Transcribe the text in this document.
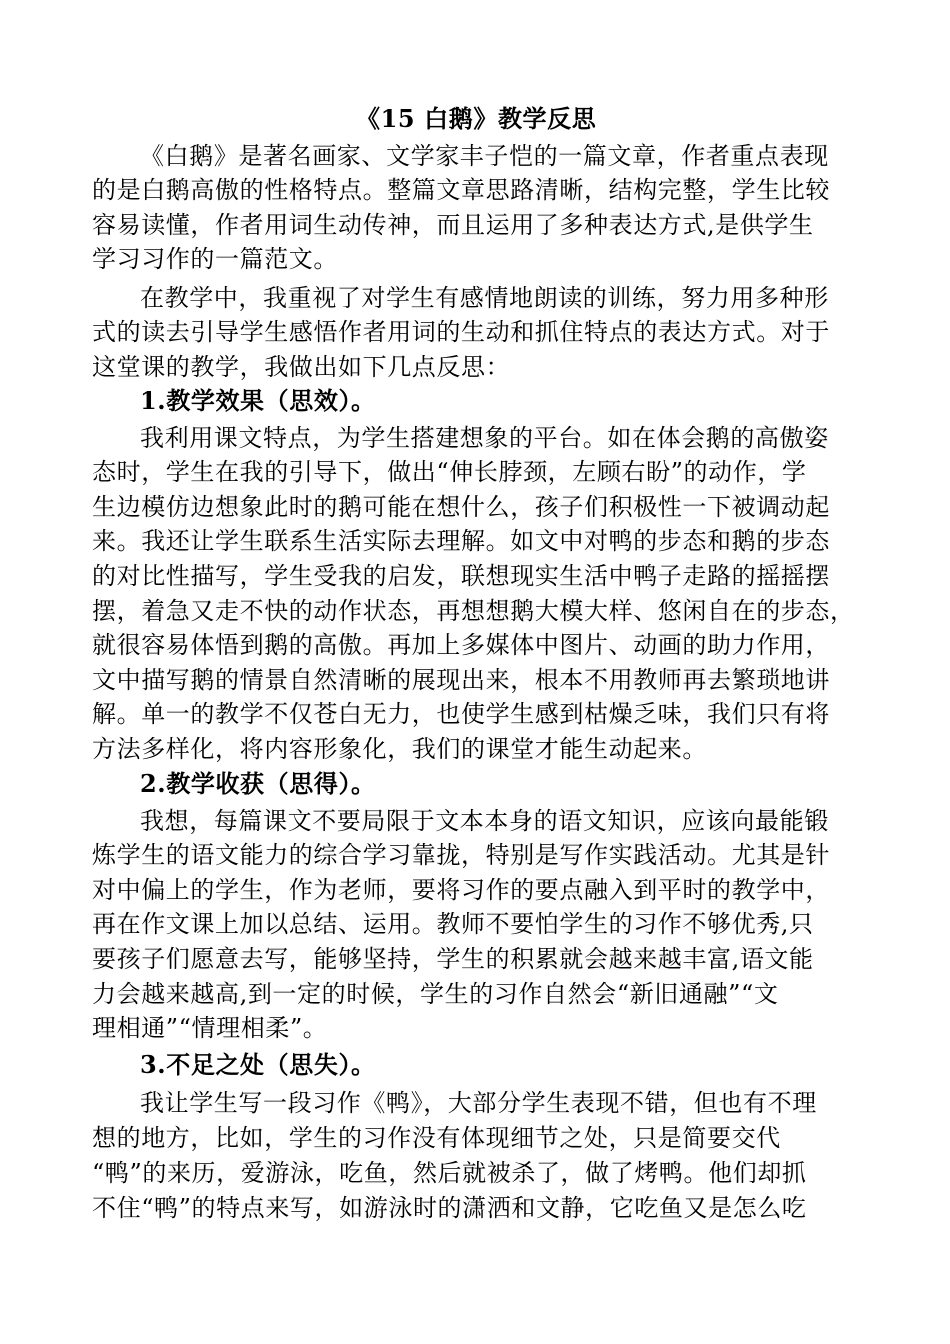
《15 白鹅》教学反思
《白鹅》是著名画家、文学家丰子恺的一篇文章，作者重点表现
的是白鹅高傲的性格特点。整篇文章思路清晰，结构完整，学生比较
容易读懂，作者用词生动传神，而且运用了多种表达方式,是供学生
学习习作的一篇范文。
在教学中，我重视了对学生有感情地朗读的训练，努力用多种形
式的读去引导学生感悟作者用词的生动和抓住特点的表达方式。对于
这堂课的教学，我做出如下几点反思：
1.教学效果（思效）。
我利用课文特点，为学生搭建想象的平台。如在体会鹅的高傲姿
态时，学生在我的引导下，做出“伸长脖颈，左顾右盼”的动作，学
生边模仿边想象此时的鹅可能在想什么，孩子们积极性一下被调动起
来。我还让学生联系生活实际去理解。如文中对鸭的步态和鹅的步态
的对比性描写，学生受我的启发，联想现实生活中鸭子走路的摇摇摆
摆，着急又走不快的动作状态，再想想鹅大模大样、悠闲自在的步态，
就很容易体悟到鹅的高傲。再加上多媒体中图片、动画的助力作用，
文中描写鹅的情景自然清晰的展现出来，根本不用教师再去繁琐地讲
解。单一的教学不仅苍白无力，也使学生感到枯燥乏味，我们只有将
方法多样化，将内容形象化，我们的课堂才能生动起来。
2.教学收获（思得）。
我想，每篇课文不要局限于文本本身的语文知识，应该向最能锻
炼学生的语文能力的综合学习靠拢，特别是写作实践活动。尤其是针
对中偏上的学生，作为老师，要将习作的要点融入到平时的教学中，
再在作文课上加以总结、运用。教师不要怕学生的习作不够优秀,只
要孩子们愿意去写，能够坚持，学生的积累就会越来越丰富,语文能
力会越来越高,到一定的时候，学生的习作自然会“新旧通融”“文
理相通”“情理相柔”。
3.不足之处（思失）。
我让学生写一段习作《鸭》，大部分学生表现不错，但也有不理
想的地方，比如，学生的习作没有体现细节之处，只是简要交代
“鸭”的来历，爱游泳，吃鱼，然后就被杀了，做了烤鸭。他们却抓
不住“鸭”的特点来写，如游泳时的潇洒和文静，它吃鱼又是怎么吃
